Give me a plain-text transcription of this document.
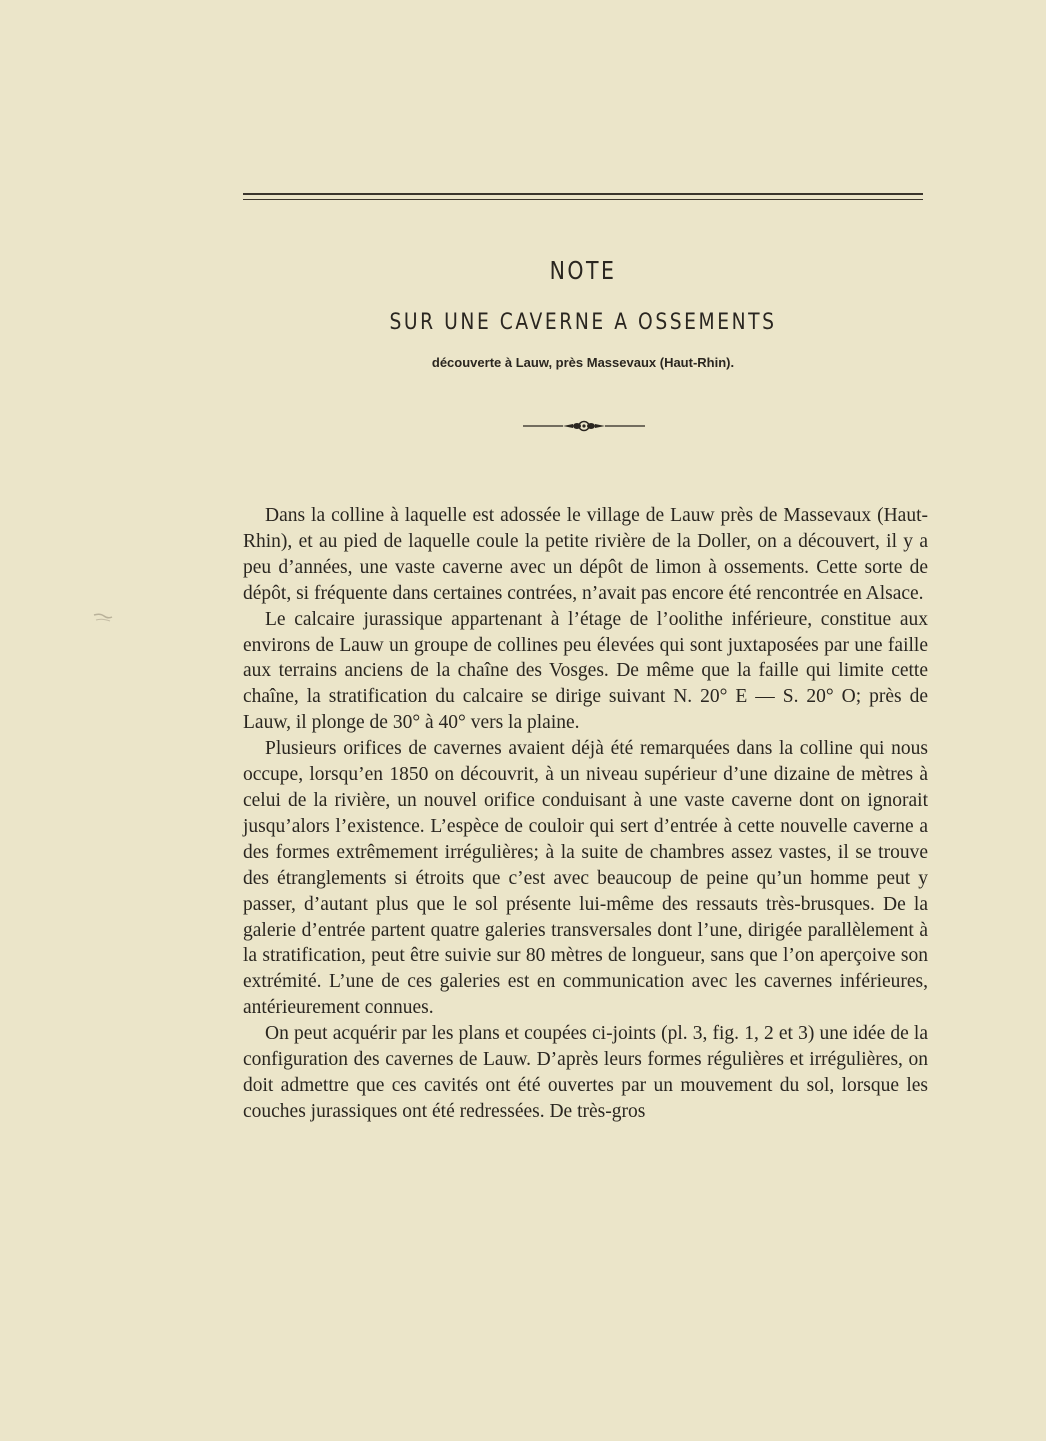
NOTE
SUR UNE CAVERNE A OSSEMENTS
découverte à Lauw, près Massevaux (Haut-Rhin).

Dans la colline à laquelle est adossée le village de Lauw près de Massevaux (Haut-Rhin), et au pied de laquelle coule la petite rivière de la Doller, on a découvert, il y a peu d’années, une vaste caverne avec un dépôt de limon à ossements. Cette sorte de dépôt, si fréquente dans certaines contrées, n’avait pas encore été rencontrée en Alsace.

Le calcaire jurassique appartenant à l’étage de l’oolithe inférieure, constitue aux environs de Lauw un groupe de collines peu élevées qui sont juxtaposées par une faille aux terrains anciens de la chaîne des Vosges. De même que la faille qui limite cette chaîne, la stratification du calcaire se dirige suivant N. 20° E — S. 20° O; près de Lauw, il plonge de 30° à 40° vers la plaine.

Plusieurs orifices de cavernes avaient déjà été remarquées dans la colline qui nous occupe, lorsqu’en 1850 on découvrit, à un niveau supérieur d’une dizaine de mètres à celui de la rivière, un nouvel orifice conduisant à une vaste caverne dont on ignorait jusqu’alors l’existence. L’espèce de couloir qui sert d’entrée à cette nouvelle caverne a des formes extrêmement irrégulières; à la suite de chambres assez vastes, il se trouve des étranglements si étroits que c’est avec beaucoup de peine qu’un homme peut y passer, d’autant plus que le sol présente lui-même des ressauts très-brusques. De la galerie d’entrée partent quatre galeries transversales dont l’une, dirigée parallèlement à la stratification, peut être suivie sur 80 mètres de longueur, sans que l’on aperçoive son extrémité. L’une de ces galeries est en communication avec les cavernes inférieures, antérieurement connues.

On peut acquérir par les plans et coupées ci-joints (pl. 3, fig. 1, 2 et 3) une idée de la configuration des cavernes de Lauw. D’après leurs formes régulières et irrégulières, on doit admettre que ces cavités ont été ouvertes par un mouvement du sol, lorsque les couches jurassiques ont été redressées. De très-gros
